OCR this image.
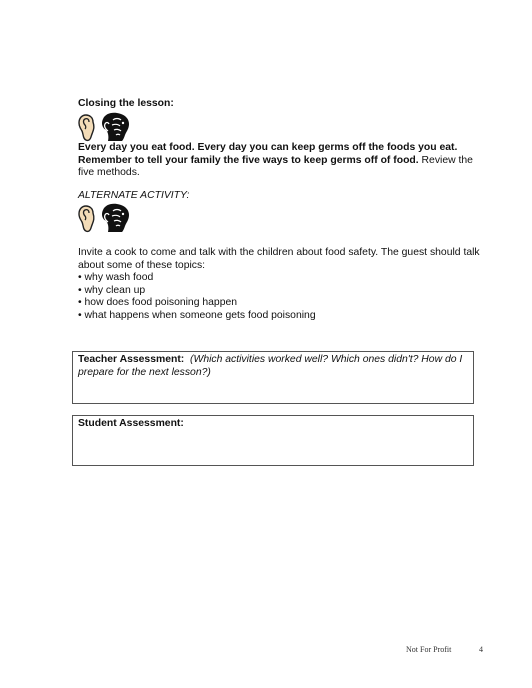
Closing the lesson:
Every day you eat food. Every day you can keep germs off the foods you eat. Remember to tell your family the five ways to keep germs off of food. Review the five methods.
ALTERNATE ACTIVITY:
Invite a cook to come and talk with the children about food safety. The guest should talk about some of these topics:
• why wash food
• why clean up
• how does food poisoning happen
• what happens when someone gets food poisoning
Teacher Assessment: (Which activities worked well? Which ones didn't? How do I prepare for the next lesson?)
Student Assessment:
Not For Profit	4
